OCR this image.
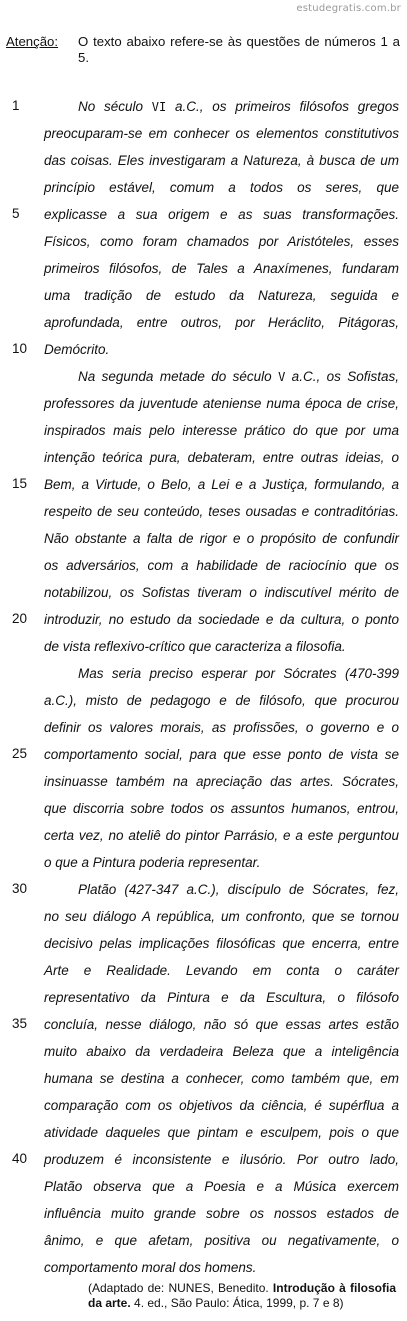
estudegratis.com.br
Atenção: O texto abaixo refere-se às questões de números 1 a 5.
1	No século VI a.C., os primeiros filósofos gregos
preocuparam-se em conhecer os elementos constitutivos
das coisas. Eles investigaram a Natureza, à busca de um
princípio estável, comum a todos os seres, que
5 explicasse a sua origem e as suas transformações.
Físicos, como foram chamados por Aristóteles, esses
primeiros filósofos, de Tales a Anaxímenes, fundaram
uma tradição de estudo da Natureza, seguida e
aprofundada, entre outros, por Heráclito, Pitágoras,
10 Demócrito.
Na segunda metade do século V a.C., os Sofistas,
professores da juventude ateniense numa época de crise,
inspirados mais pelo interesse prático do que por uma
intenção teórica pura, debateram, entre outras ideias, o
15 Bem, a Virtude, o Belo, a Lei e a Justiça, formulando, a
respeito de seu conteúdo, teses ousadas e contraditórias.
Não obstante a falta de rigor e o propósito de confundir
os adversários, com a habilidade de raciocínio que os
notabilizou, os Sofistas tiveram o indiscutível mérito de
20 introduzir, no estudo da sociedade e da cultura, o ponto
de vista reflexivo-crítico que caracteriza a filosofia.
Mas seria preciso esperar por Sócrates (470-399
a.C.), misto de pedagogo e de filósofo, que procurou
definir os valores morais, as profissões, o governo e o
25 comportamento social, para que esse ponto de vista se
insinuasse também na apreciação das artes. Sócrates,
que discorria sobre todos os assuntos humanos, entrou,
certa vez, no ateliê do pintor Parrásio, e a este perguntou
o que a Pintura poderia representar.
30	Platão (427-347 a.C.), discípulo de Sócrates, fez,
no seu diálogo A república, um confronto, que se tornou
decisivo pelas implicações filosóficas que encerra, entre
Arte e Realidade. Levando em conta o caráter
representativo da Pintura e da Escultura, o filósofo
35 concluía, nesse diálogo, não só que essas artes estão
muito abaixo da verdadeira Beleza que a inteligência
humana se destina a conhecer, como também que, em
comparação com os objetivos da ciência, é supérflua a
atividade daqueles que pintam e esculpem, pois o que
40 produzem é inconsistente e ilusório. Por outro lado,
Platão observa que a Poesia e a Música exercem
influência muito grande sobre os nossos estados de
ânimo, e que afetam, positiva ou negativamente, o
comportamento moral dos homens.
(Adaptado de: NUNES, Benedito. Introdução à filosofia da arte. 4. ed., São Paulo: Ática, 1999, p. 7 e 8)
